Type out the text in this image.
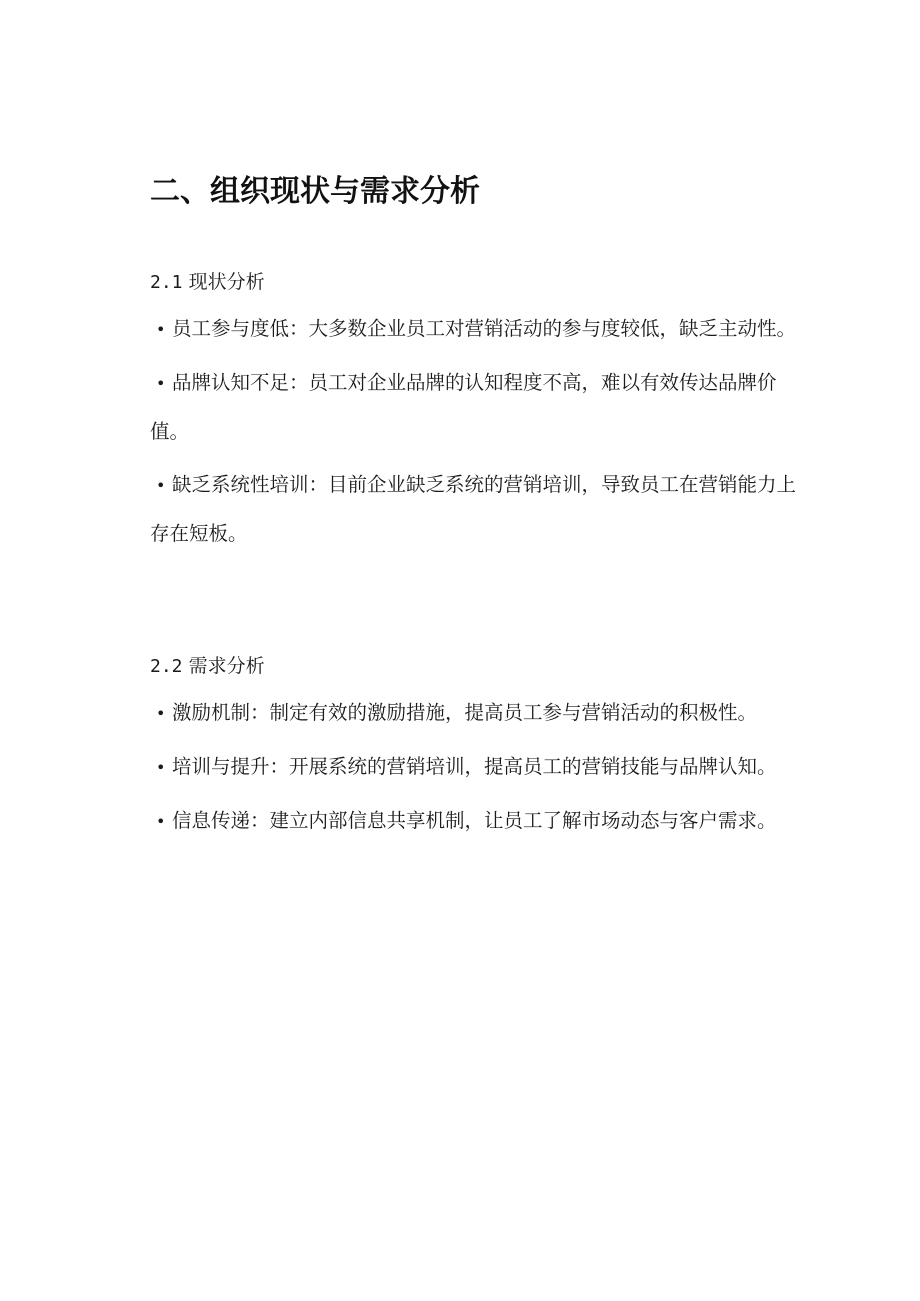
二、组织现状与需求分析
2.1 现状分析
• 员工参与度低：大多数企业员工对营销活动的参与度较低，缺乏主动性。
• 品牌认知不足：员工对企业品牌的认知程度不高，难以有效传达品牌价值。
• 缺乏系统性培训：目前企业缺乏系统的营销培训，导致员工在营销能力上存在短板。
2.2 需求分析
• 激励机制：制定有效的激励措施，提高员工参与营销活动的积极性。
• 培训与提升：开展系统的营销培训，提高员工的营销技能与品牌认知。
• 信息传递：建立内部信息共享机制，让员工了解市场动态与客户需求。
